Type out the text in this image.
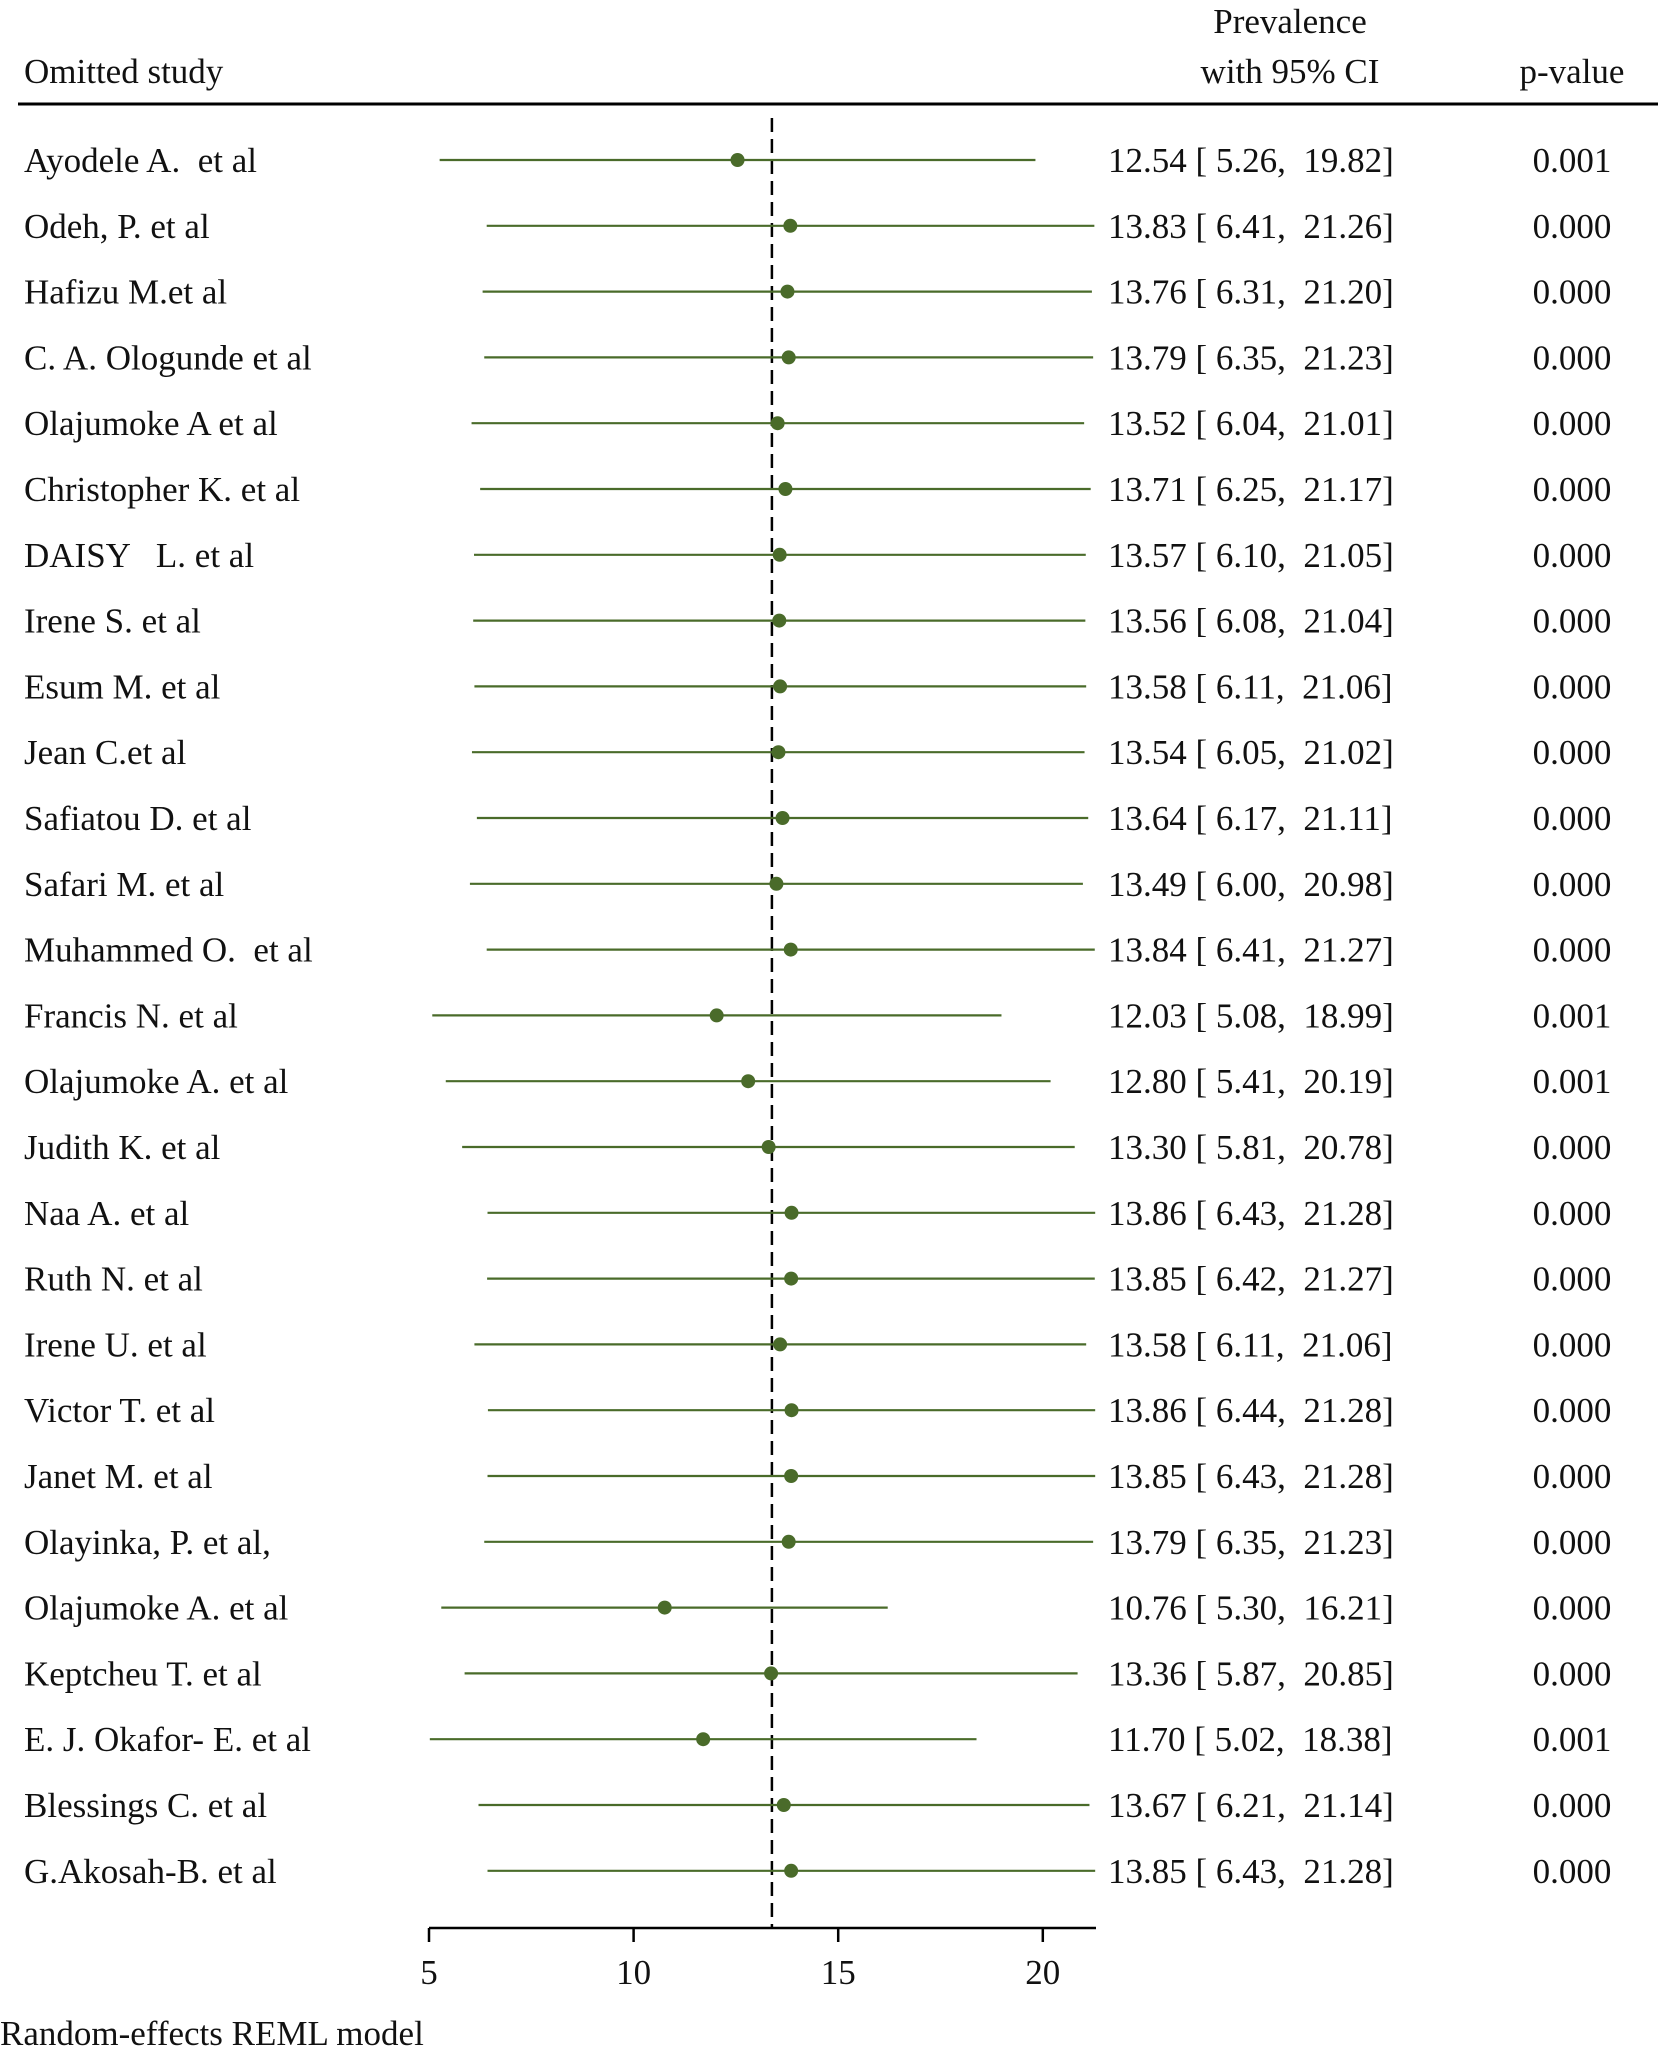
Omitted study
Prevalence
with 95% CI	p-value
Ayodele A.  et al	12.54 [ 5.26,  19.82]	0.001
Odeh, P. et al	13.83 [ 6.41,  21.26]	0.000
Hafizu M.et al	13.76 [ 6.31,  21.20]	0.000
C. A. Ologunde et al	13.79 [ 6.35,  21.23]	0.000
Olajumoke A et al	13.52 [ 6.04,  21.01]	0.000
Christopher K. et al	13.71 [ 6.25,  21.17]	0.000
DAISY   L. et al	13.57 [ 6.10,  21.05]	0.000
Irene S. et al	13.56 [ 6.08,  21.04]	0.000
Esum M. et al	13.58 [ 6.11,  21.06]	0.000
Jean C.et al	13.54 [ 6.05,  21.02]	0.000
Safiatou D. et al	13.64 [ 6.17,  21.11]	0.000
Safari M. et al	13.49 [ 6.00,  20.98]	0.000
Muhammed O.  et al	13.84 [ 6.41,  21.27]	0.000
Francis N. et al	12.03 [ 5.08,  18.99]	0.001
Olajumoke A. et al	12.80 [ 5.41,  20.19]	0.001
Judith K. et al	13.30 [ 5.81,  20.78]	0.000
Naa A. et al	13.86 [ 6.43,  21.28]	0.000
Ruth N. et al	13.85 [ 6.42,  21.27]	0.000
Irene U. et al	13.58 [ 6.11,  21.06]	0.000
Victor T. et al	13.86 [ 6.44,  21.28]	0.000
Janet M. et al	13.85 [ 6.43,  21.28]	0.000
Olayinka, P. et al,	13.79 [ 6.35,  21.23]	0.000
Olajumoke A. et al	10.76 [ 5.30,  16.21]	0.000
Keptcheu T. et al	13.36 [ 5.87,  20.85]	0.000
E. J. Okafor- E. et al	11.70 [ 5.02,  18.38]	0.001
Blessings C. et al	13.67 [ 6.21,  21.14]	0.000
G.Akosah-B. et al	13.85 [ 6.43,  21.28]	0.000
5	10	15	20
Random-effects REML model
